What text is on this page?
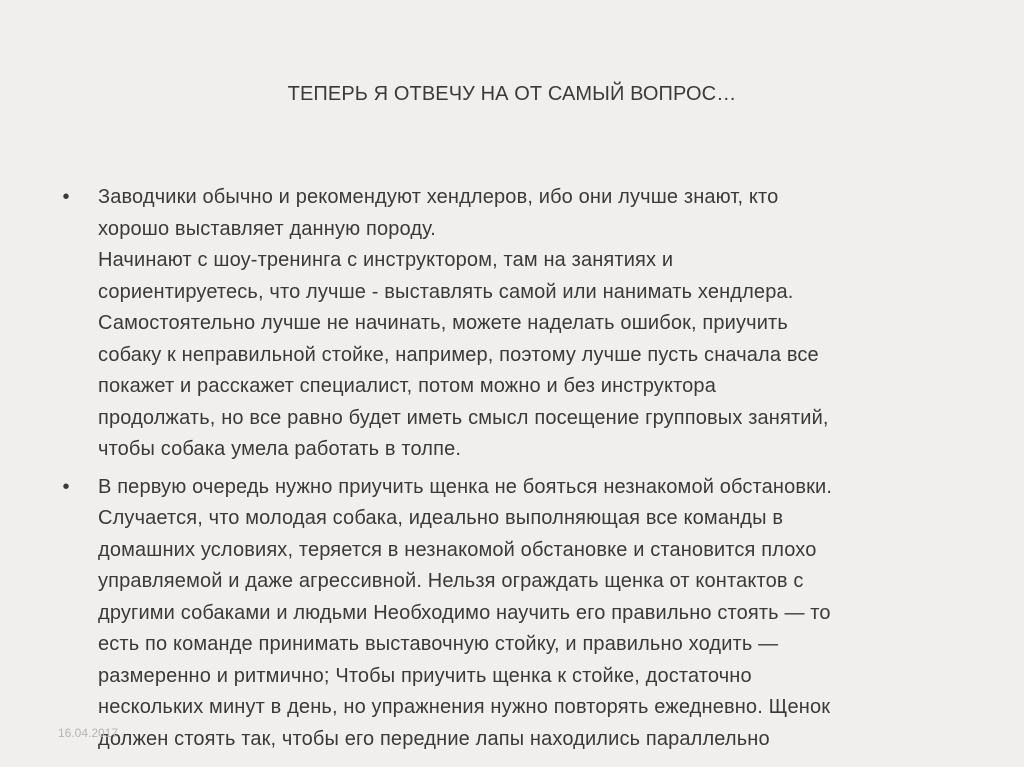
ТЕПЕРЬ Я ОТВЕЧУ НА ОТ САМЫЙ ВОПРОС…
•	Заводчики обычно и рекомендуют хендлеров, ибо они лучше знают, кто
хорошо выставляет данную породу.
Начинают с шоу-тренинга с инструктором, там на занятиях и
сориентируетесь, что лучше - выставлять самой или нанимать хендлера.
Самостоятельно лучше не начинать, можете наделать ошибок, приучить
собаку к неправильной стойке, например, поэтому лучше пусть сначала все
покажет и расскажет специалист, потом можно и без инструктора
продолжать, но все равно будет иметь смысл посещение групповых занятий,
чтобы собака умела работать в толпе.
•	В первую очередь нужно приучить щенка не бояться незнакомой обстановки.
Случается, что молодая собака, идеально выполняющая все команды в
домашних условиях, теряется в незнакомой обстановке и становится плохо
управляемой и даже агрессивной. Нельзя ограждать щенка от контактов с
другими собаками и людьми Необходимо научить его правильно стоять — то
есть по команде принимать выставочную стойку, и правильно ходить —
размеренно и ритмично; Чтобы приучить щенка к стойке, достаточно
нескольких минут в день, но упражнения нужно повторять ежедневно. Щенок
должен стоять так, чтобы его передние лапы находились параллельно
16.04.2017
